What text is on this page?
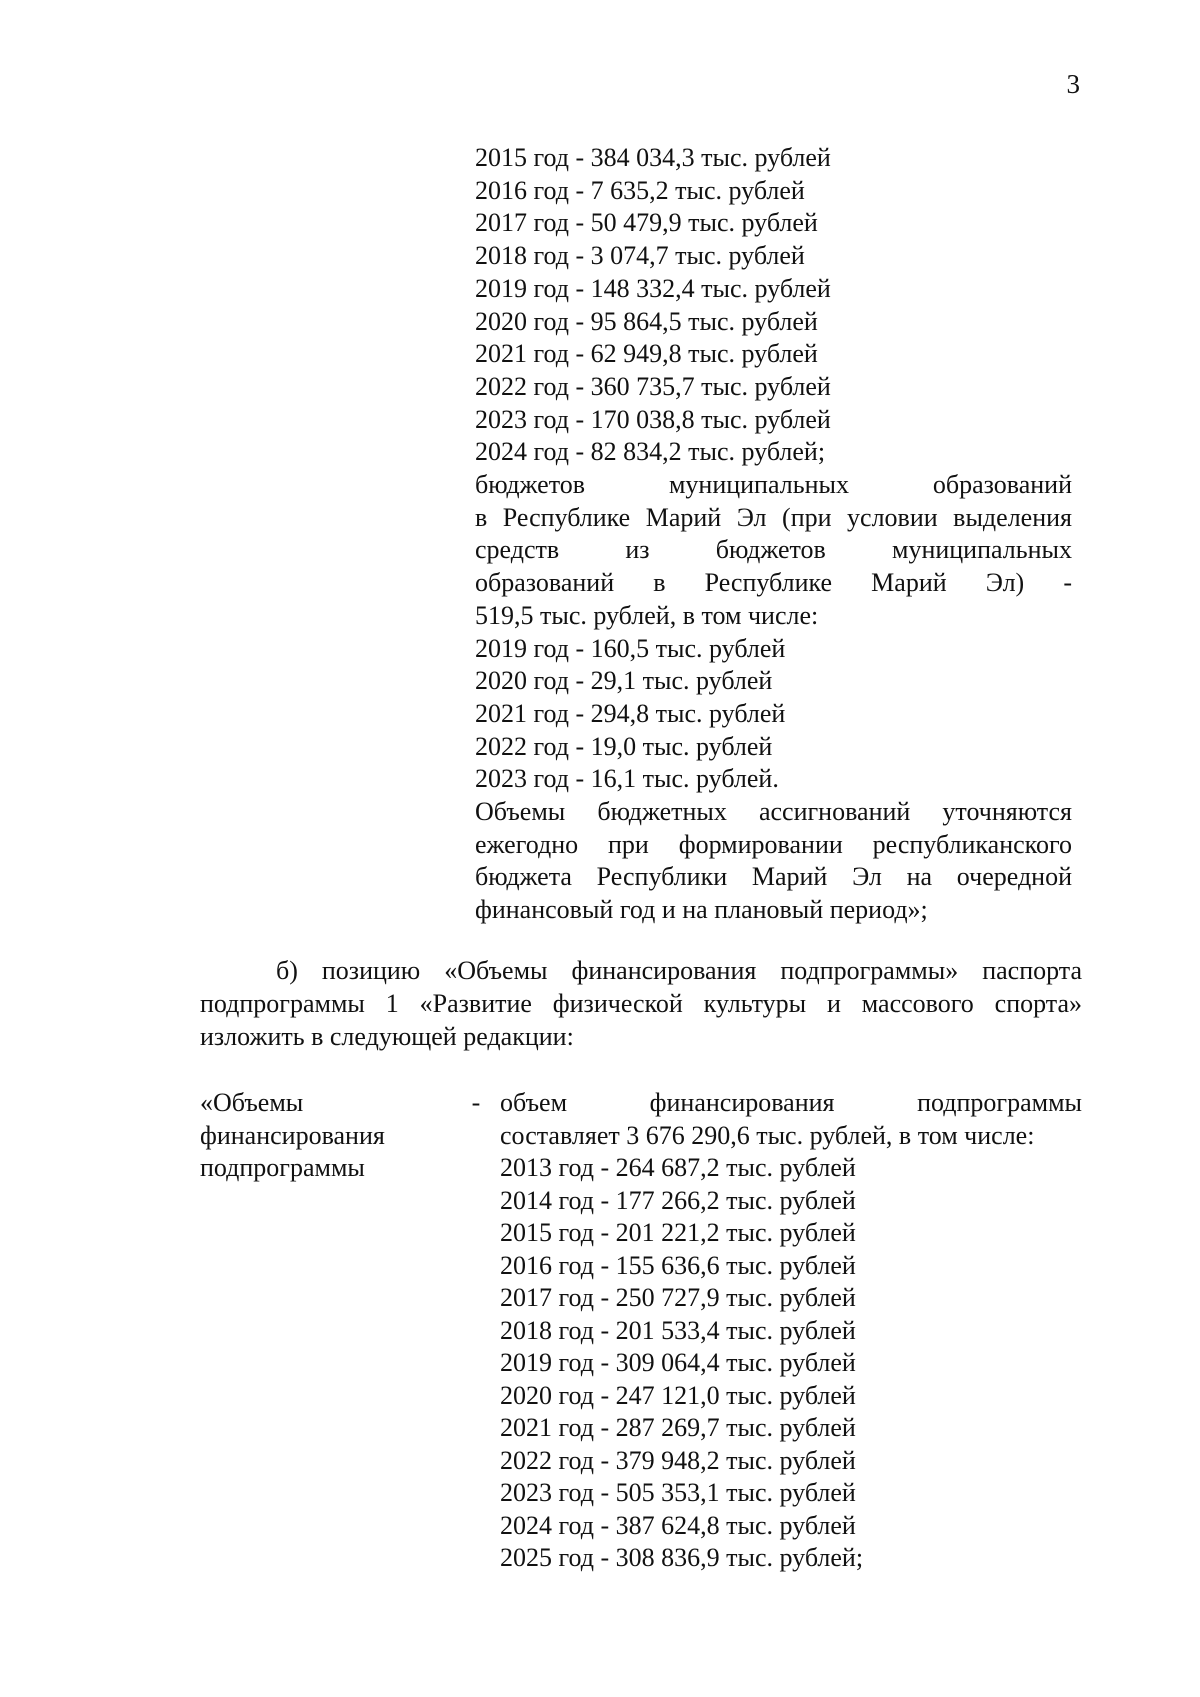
3
2015 год - 384 034,3 тыс. рублей
2016 год - 7 635,2 тыс. рублей
2017 год - 50 479,9 тыс. рублей
2018 год - 3 074,7 тыс. рублей
2019 год - 148 332,4 тыс. рублей
2020 год - 95 864,5 тыс. рублей
2021 год - 62 949,8 тыс. рублей
2022 год - 360 735,7 тыс. рублей
2023 год - 170 038,8 тыс. рублей
2024 год - 82 834,2 тыс. рублей;
бюджетов муниципальных образований
в Республике Марий Эл (при условии выделения
средств из бюджетов муниципальных
образований в Республике Марий Эл) -
519,5 тыс. рублей, в том числе:
2019 год - 160,5 тыс. рублей
2020 год - 29,1 тыс. рублей
2021 год - 294,8 тыс. рублей
2022 год - 19,0 тыс. рублей
2023 год - 16,1 тыс. рублей.
Объемы бюджетных ассигнований уточняются
ежегодно при формировании республиканского
бюджета Республики Марий Эл на очередной
финансовый год и на плановый период»;

б) позицию «Объемы финансирования подпрограммы» паспорта подпрограммы 1 «Развитие физической культуры и массового спорта» изложить в следующей редакции:

«Объемы
финансирования
подпрограммы
- объем финансирования подпрограммы
составляет 3 676 290,6 тыс. рублей, в том числе:
2013 год - 264 687,2 тыс. рублей
2014 год - 177 266,2 тыс. рублей
2015 год - 201 221,2 тыс. рублей
2016 год - 155 636,6 тыс. рублей
2017 год - 250 727,9 тыс. рублей
2018 год - 201 533,4 тыс. рублей
2019 год - 309 064,4 тыс. рублей
2020 год - 247 121,0 тыс. рублей
2021 год - 287 269,7 тыс. рублей
2022 год - 379 948,2 тыс. рублей
2023 год - 505 353,1 тыс. рублей
2024 год - 387 624,8 тыс. рублей
2025 год - 308 836,9 тыс. рублей;
